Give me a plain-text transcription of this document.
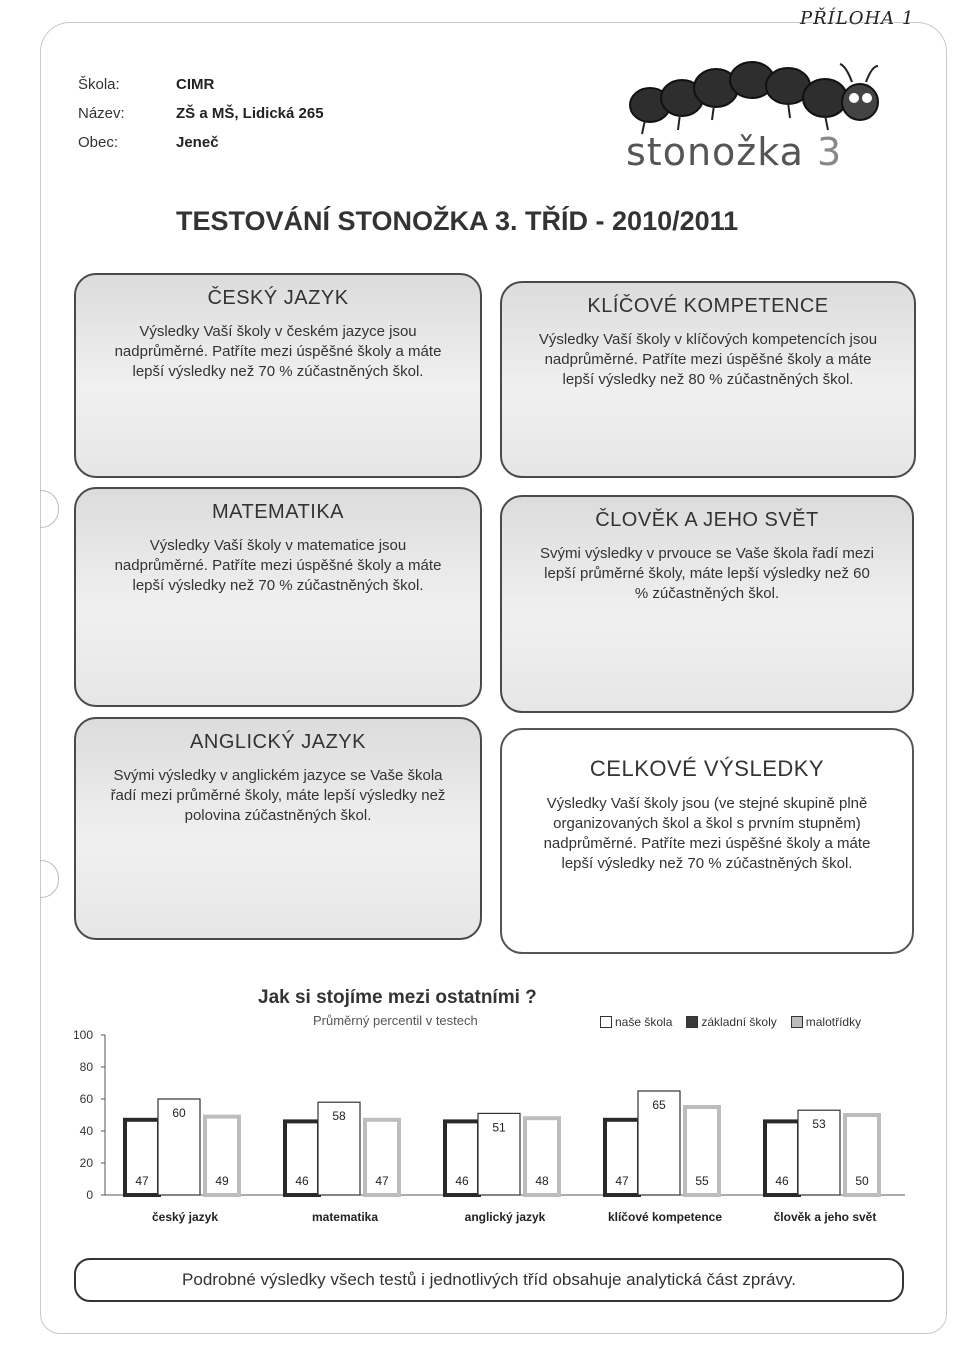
PŘÍLOHA 1
Škola:	CIMR
Název:	ZŠ a MŠ, Lidická 265
Obec:	Jeneč	stonožka 3
TESTOVÁNÍ STONOŽKA 3. TŘÍD - 2010/2011
ČESKÝ JAZYK
Výsledky Vaší školy v českém jazyce jsou nadprůměrné. Patříte mezi úspěšné školy a máte lepší výsledky než 70 % zúčastněných škol.
KLÍČOVÉ KOMPETENCE
Výsledky Vaší školy v klíčových kompetencích jsou nadprůměrné. Patříte mezi úspěšné školy a máte lepší výsledky než 80 % zúčastněných škol.
MATEMATIKA
Výsledky Vaší školy v matematice jsou nadprůměrné. Patříte mezi úspěšné školy a máte lepší výsledky než 70 % zúčastněných škol.
ČLOVĚK A JEHO SVĚT
Svými výsledky v prvouce se Vaše škola řadí mezi lepší průměrné školy, máte lepší výsledky než 60 % zúčastněných škol.
ANGLICKÝ JAZYK
Svými výsledky v anglickém jazyce se Vaše škola řadí mezi průměrné školy, máte lepší výsledky než polovina zúčastněných škol.
CELKOVÉ VÝSLEDKY
Výsledky Vaší školy jsou (ve stejné skupině plně organizovaných škol a škol s prvním stupněm) nadprůměrné. Patříte mezi úspěšné školy a máte lepší výsledky než 70 % zúčastněných škol.
Jak si stojíme mezi ostatními ?
Průměrný percentil v testech	naše škola základní školy malotřídky
100
80
60
40
20
0
47
60
49
český jazyk
46
58
47
matematika
46
51
48
anglický jazyk
47
65
55
klíčové kompetence
46
53
50
člověk a jeho svět
Podrobné výsledky všech testů i jednotlivých tříd obsahuje analytická část zprávy.
